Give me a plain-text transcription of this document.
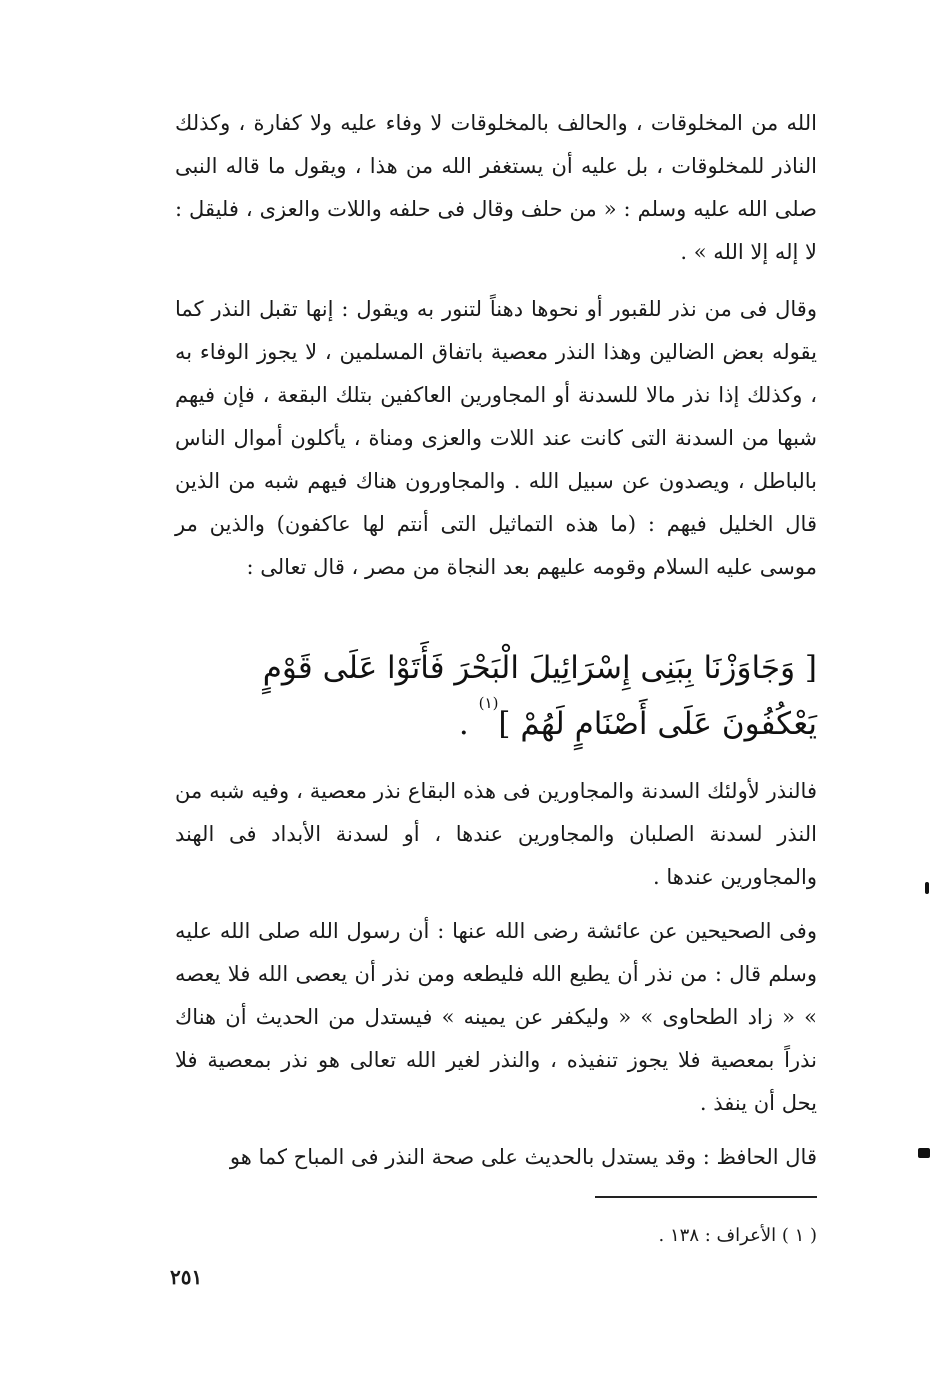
الله من المخلوقات ، والحالف بالمخلوقات لا وفاء عليه ولا كفارة ، وكذلك الناذر للمخلوقات ، بل عليه أن يستغفر الله من هذا ، ويقول ما قاله النبى صلى الله عليه وسلم : « من حلف وقال فى حلفه واللات والعزى ، فليقل : لا إله إلا الله » .

وقال فى من نذر للقبور أو نحوها دهناً لتنور به ويقول : إنها تقبل النذر كما يقوله بعض الضالين وهذا النذر معصية باتفاق المسلمين ، لا يجوز الوفاء به ، وكذلك إذا نذر مالا للسدنة أو المجاورين العاكفين بتلك البقعة ، فإن فيهم شبها من السدنة التى كانت عند اللات والعزى ومناة ، يأكلون أموال الناس بالباطل ، ويصدون عن سبيل الله . والمجاورون هناك فيهم شبه من الذين قال الخليل فيهم : (ما هذه التماثيل التى أنتم لها عاكفون) والذين مر موسى عليه السلام وقومه عليهم بعد النجاة من مصر ، قال تعالى :

[ وَجَاوَزْنَا بِبَنِى إِسْرَائِيلَ الْبَحْرَ فَأَتَوْا عَلَى قَوْمٍ يَعْكُفُونَ عَلَى أَصْنَامٍ لَهُمْ ]$^{(١)}$ .

فالنذر لأولئك السدنة والمجاورين فى هذه البقاع نذر معصية ، وفيه شبه من النذر لسدنة الصلبان والمجاورين عندها ، أو لسدنة الأبداد فى الهند والمجاورين عندها .

وفى الصحيحين عن عائشة رضى الله عنها : أن رسول الله صلى الله عليه وسلم قال : من نذر أن يطيع الله فليطعه ومن نذر أن يعصى الله فلا يعصه » « زاد الطحاوى » « وليكفر عن يمينه » فيستدل من الحديث أن هناك نذراً بمعصية فلا يجوز تنفيذه ، والنذر لغير الله تعالى هو نذر بمعصية فلا يحل أن ينفذ .

قال الحافظ : وقد يستدل بالحديث على صحة النذر فى المباح كما هو

( ١ ) الأعراف : ١٣٨ .
٢٥١
